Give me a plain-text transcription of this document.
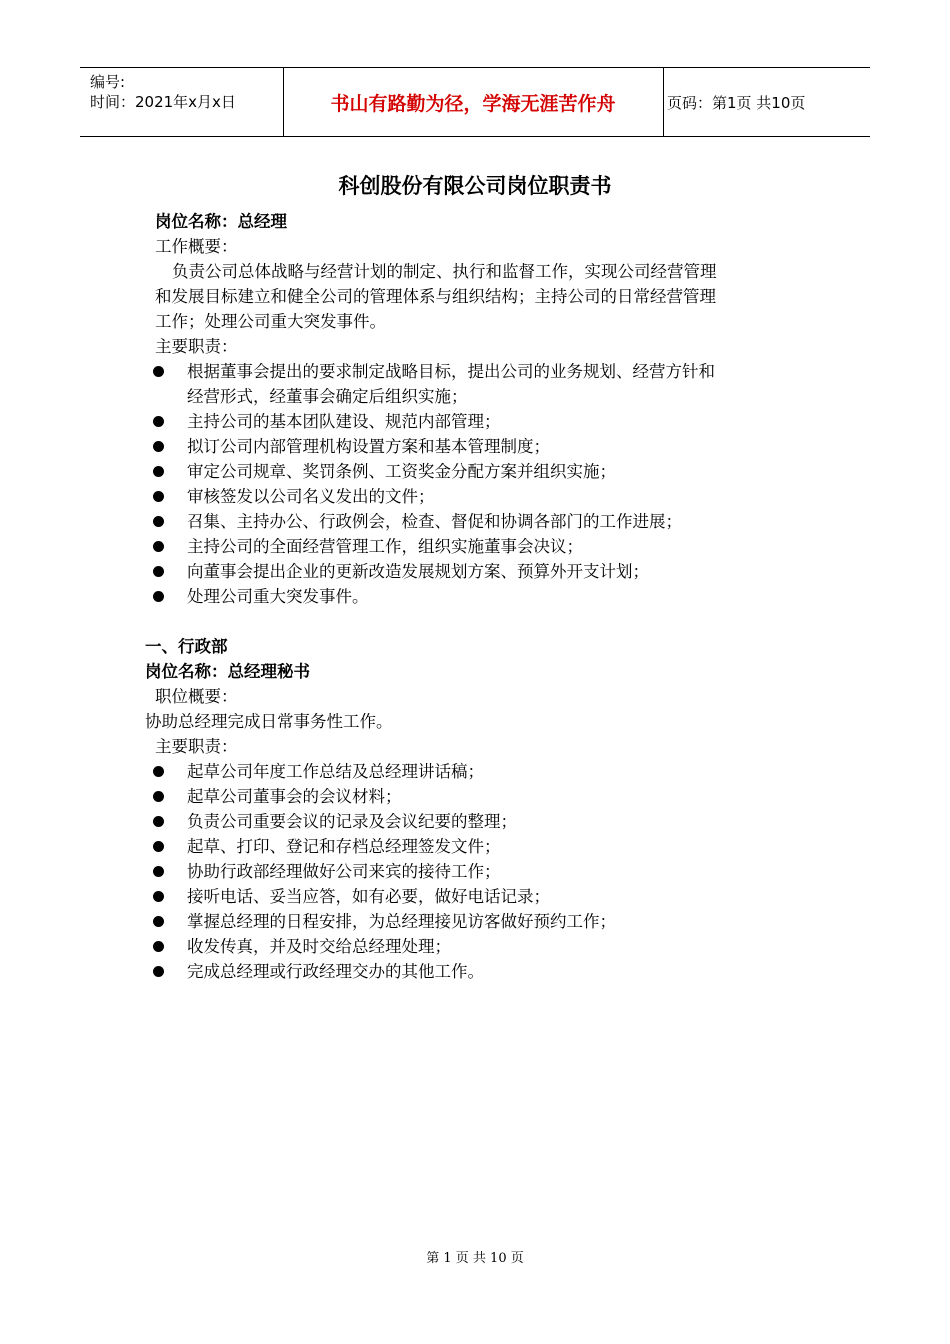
编号:
时间：2021年x月x日	书山有路勤为径，学海无涯苦作舟	页码：第1页 共10页
科创股份有限公司岗位职责书
岗位名称：总经理
工作概要：
负责公司总体战略与经营计划的制定、执行和监督工作，实现公司经营管理
和发展目标建立和健全公司的管理体系与组织结构；主持公司的日常经营管理
工作；处理公司重大突发事件。
主要职责：
根据董事会提出的要求制定战略目标，提出公司的业务规划、经营方针和
经营形式，经董事会确定后组织实施；
主持公司的基本团队建设、规范内部管理；
拟订公司内部管理机构设置方案和基本管理制度；
审定公司规章、奖罚条例、工资奖金分配方案并组织实施；
审核签发以公司名义发出的文件；
召集、主持办公、行政例会，检查、督促和协调各部门的工作进展；
主持公司的全面经营管理工作，组织实施董事会决议；
向董事会提出企业的更新改造发展规划方案、预算外开支计划；
处理公司重大突发事件。
一、行政部
岗位名称：总经理秘书
职位概要：
协助总经理完成日常事务性工作。
主要职责：
起草公司年度工作总结及总经理讲话稿；
起草公司董事会的会议材料；
负责公司重要会议的记录及会议纪要的整理；
起草、打印、登记和存档总经理签发文件；
协助行政部经理做好公司来宾的接待工作；
接听电话、妥当应答，如有必要，做好电话记录；
掌握总经理的日程安排，为总经理接见访客做好预约工作；
收发传真，并及时交给总经理处理；
完成总经理或行政经理交办的其他工作。
第 1 页 共 10 页
